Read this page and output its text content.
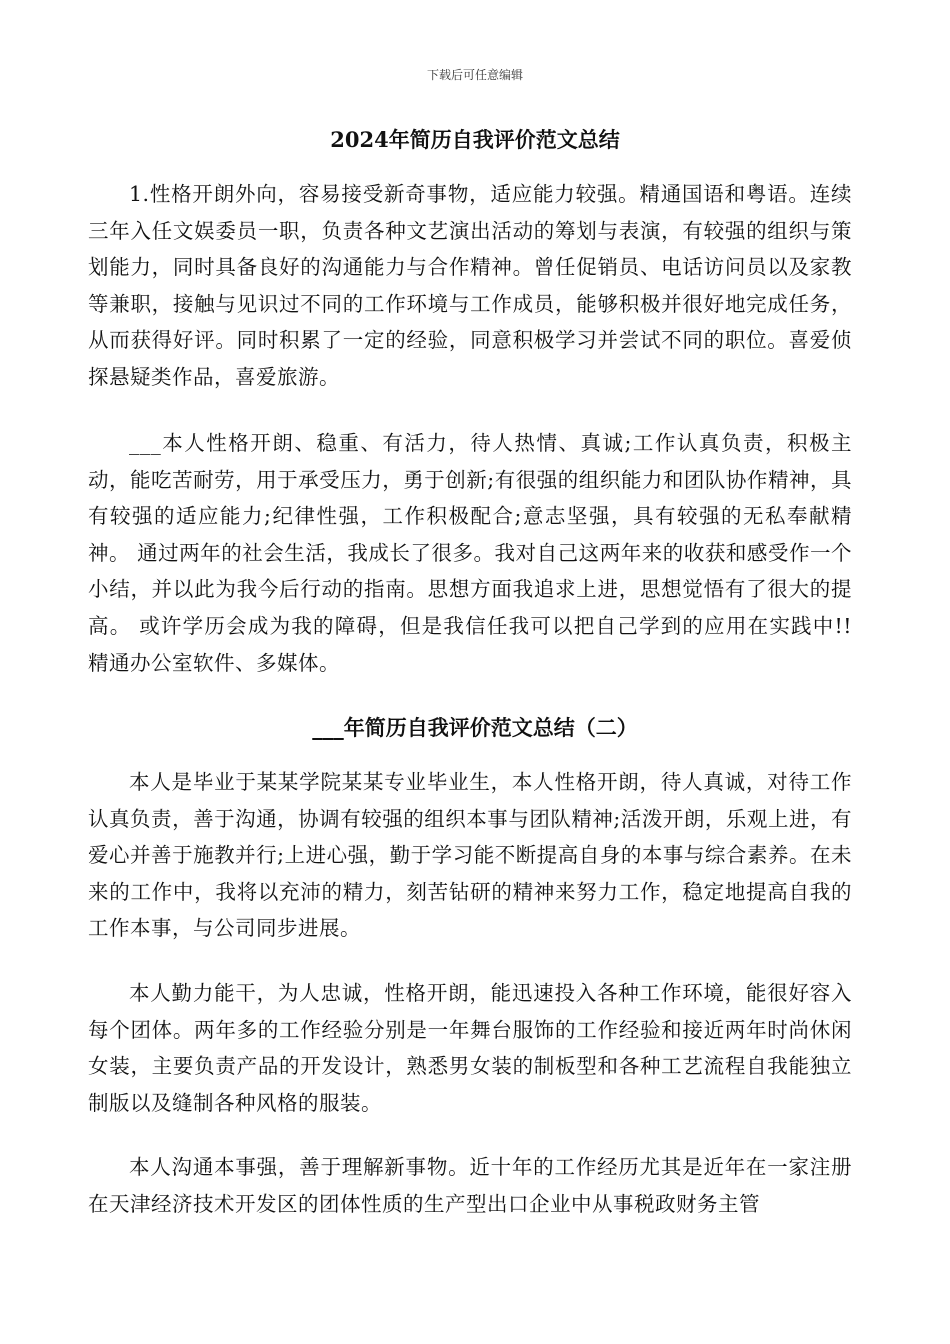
下载后可任意编辑
2024年简历自我评价范文总结

1.性格开朗外向，容易接受新奇事物，适应能力较强。精通国语和粤语。连续三年入任文娱委员一职，负责各种文艺演出活动的筹划与表演，有较强的组织与策划能力，同时具备良好的沟通能力与合作精神。曾任促销员、电话访问员以及家教等兼职，接触与见识过不同的工作环境与工作成员，能够积极并很好地完成任务，从而获得好评。同时积累了一定的经验，同意积极学习并尝试不同的职位。喜爱侦探悬疑类作品，喜爱旅游。

___本人性格开朗、稳重、有活力，待人热情、真诚;工作认真负责，积极主动，能吃苦耐劳，用于承受压力，勇于创新;有很强的组织能力和团队协作精神，具有较强的适应能力;纪律性强，工作积极配合;意志坚强，具有较强的无私奉献精神。 通过两年的社会生活，我成长了很多。我对自己这两年来的收获和感受作一个小结，并以此为我今后行动的指南。思想方面我追求上进，思想觉悟有了很大的提高。 或许学历会成为我的障碍，但是我信任我可以把自己学到的应用在实践中!! 精通办公室软件、多媒体。

___年简历自我评价范文总结（二）

本人是毕业于某某学院某某专业毕业生，本人性格开朗，待人真诚，对待工作认真负责，善于沟通，协调有较强的组织本事与团队精神;活泼开朗，乐观上进，有爱心并善于施教并行;上进心强，勤于学习能不断提高自身的本事与综合素养。在未来的工作中，我将以充沛的精力，刻苦钻研的精神来努力工作，稳定地提高自我的工作本事，与公司同步进展。

本人勤力能干，为人忠诚，性格开朗，能迅速投入各种工作环境，能很好容入每个团体。两年多的工作经验分别是一年舞台服饰的工作经验和接近两年时尚休闲女装，主要负责产品的开发设计，熟悉男女装的制板型和各种工艺流程自我能独立制版以及缝制各种风格的服装。

本人沟通本事强，善于理解新事物。近十年的工作经历尤其是近年在一家注册在天津经济技术开发区的团体性质的生产型出口企业中从事税政财务主管
